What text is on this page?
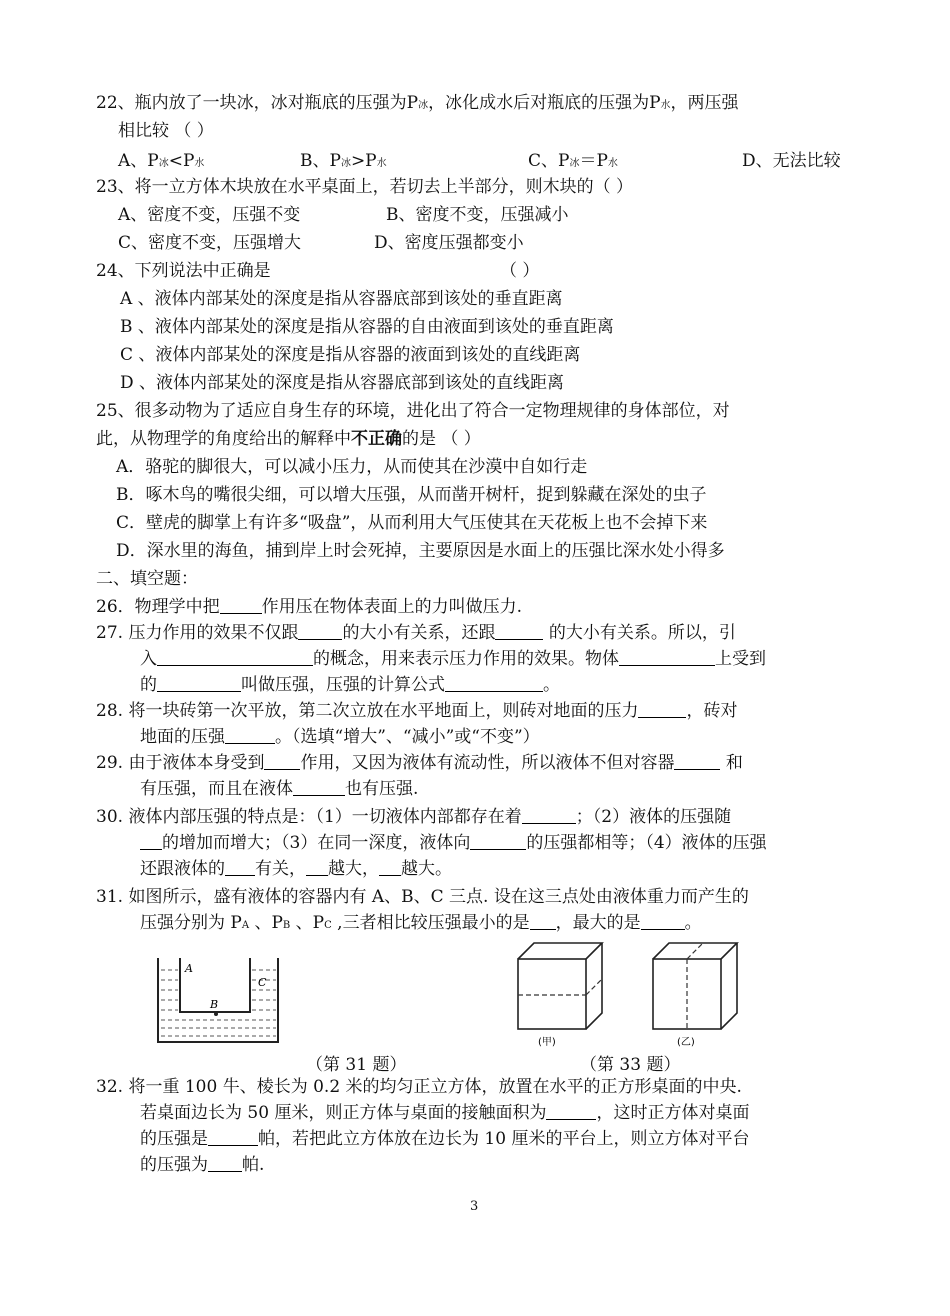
22、瓶内放了一块冰，冰对瓶底的压强为P冰，冰化成水后对瓶底的压强为P水，两压强
相比较 （ ）
A、P冰<P水	B、P冰>P水	C、P冰＝P水	D、无法比较
23、将一立方体木块放在水平桌面上，若切去上半部分，则木块的（ ）
A、密度不变，压强不变	B、密度不变，压强减小
C、密度不变，压强增大	D、密度压强都变小
24、下列说法中正确是	（ ）
A 、液体内部某处的深度是指从容器底部到该处的垂直距离
B 、液体内部某处的深度是指从容器的自由液面到该处的垂直距离
C 、液体内部某处的深度是指从容器的液面到该处的直线距离
D 、液体内部某处的深度是指从容器底部到该处的直线距离
25、很多动物为了适应自身生存的环境，进化出了符合一定物理规律的身体部位，对
此，从物理学的角度给出的解释中不正确的是 （ ）
A．骆驼的脚很大，可以减小压力，从而使其在沙漠中自如行走
B．啄木鸟的嘴很尖细，可以增大压强，从而凿开树杆，捉到躲藏在深处的虫子
C．壁虎的脚掌上有许多“吸盘”，从而利用大气压使其在天花板上也不会掉下来
D．深水里的海鱼，捕到岸上时会死掉，主要原因是水面上的压强比深水处小得多
二、填空题：
26．物理学中把 作用压在物体表面上的力叫做压力.
27. 压力作用的效果不仅跟	的大小有关系，还跟	的大小有关系。所以，引
入	的概念，用来表示压力作用的效果。物体	上受到
的	叫做压强，压强的计算公式	。
28. 将一块砖第一次平放，第二次立放在水平地面上，则砖对地面的压力	，砖对
地面的压强	。（选填“增大”、“减小”或“不变”）
29. 由于液体本身受到 作用，又因为液体有流动性，所以液体不但对容器	和
有压强，而且在液体	也有压强.
30. 液体内部压强的特点是：（1）一切液体内部都存在着	；（2）液体的压强随
的增加而增大；（3）在同一深度，液体向	的压强都相等；（4）液体的压强
还跟液体的 有关， 越大， 越大。
31. 如图所示，盛有液体的容器内有 A、B、C 三点. 设在这三点处由液体重力而产生的
压强分别为 PA 、PB 、PC ,三者相比较压强最小的是 ，最大的是	。
A
B
C
(甲)	(乙)
（第 31 题）	（第 33 题）
32. 将一重 100 牛、棱长为 0.2 米的均匀正立方体，放置在水平的正方形桌面的中央.
若桌面边长为 50 厘米，则正方体与桌面的接触面积为	，这时正方体对桌面
的压强是	帕，若把此立方体放在边长为 10 厘米的平台上，则立方体对平台
的压强为 帕.
3
